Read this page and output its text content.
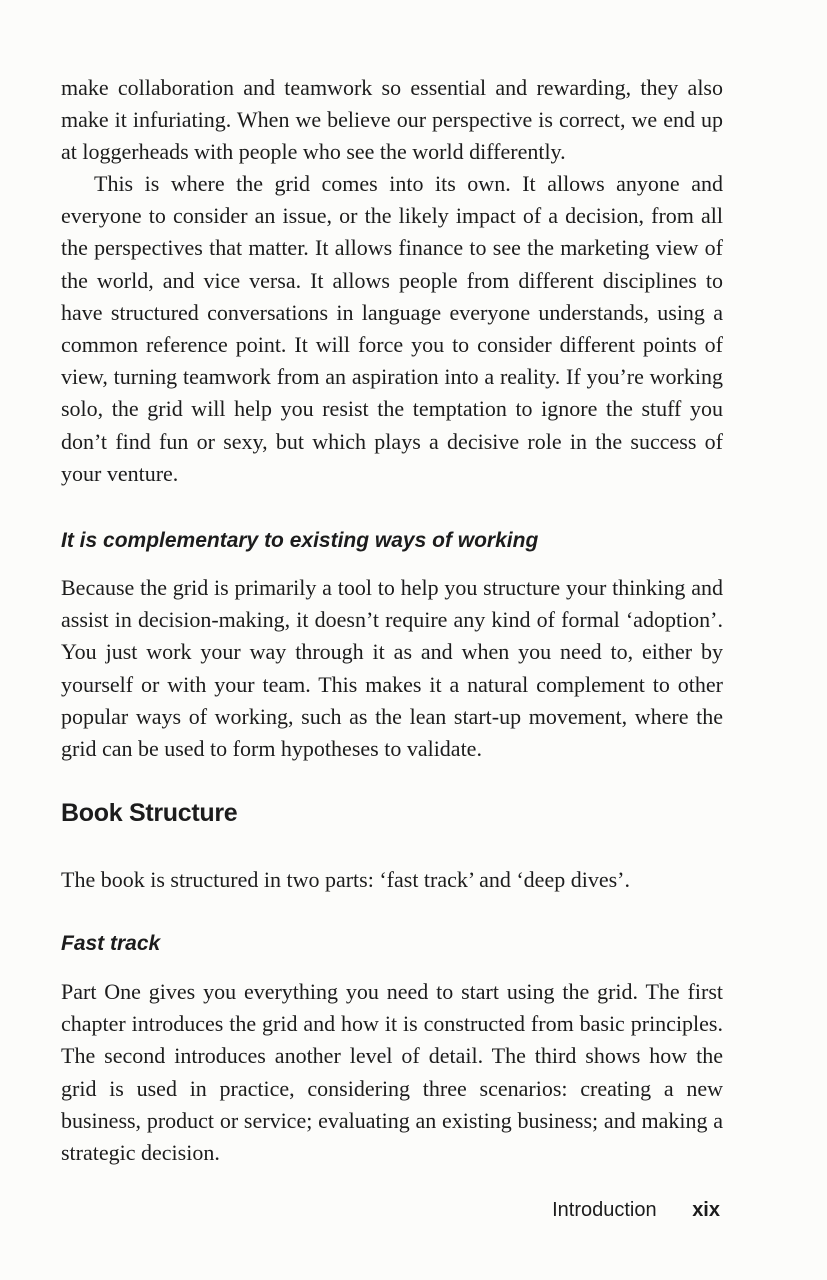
make collaboration and teamwork so essential and rewarding, they also make it infuriating. When we believe our perspective is correct, we end up at loggerheads with people who see the world differently.

This is where the grid comes into its own. It allows anyone and everyone to consider an issue, or the likely impact of a decision, from all the perspectives that matter. It allows finance to see the marketing view of the world, and vice versa. It allows people from different disciplines to have structured conversations in language everyone understands, using a common reference point. It will force you to consider different points of view, turning teamwork from an aspiration into a reality. If you’re working solo, the grid will help you resist the temptation to ignore the stuff you don’t find fun or sexy, but which plays a decisive role in the success of your venture.

It is complementary to existing ways of working

Because the grid is primarily a tool to help you structure your thinking and assist in decision-making, it doesn’t require any kind of formal ‘adoption’. You just work your way through it as and when you need to, either by yourself or with your team. This makes it a natural complement to other popular ways of working, such as the lean start-up movement, where the grid can be used to form hypotheses to validate.

Book Structure

The book is structured in two parts: ‘fast track’ and ‘deep dives’.

Fast track

Part One gives you everything you need to start using the grid. The first chapter introduces the grid and how it is constructed from basic principles. The second introduces another level of detail. The third shows how the grid is used in practice, considering three scenarios: creating a new business, product or service; evaluating an existing business; and making a strategic decision.

Introduction xix
